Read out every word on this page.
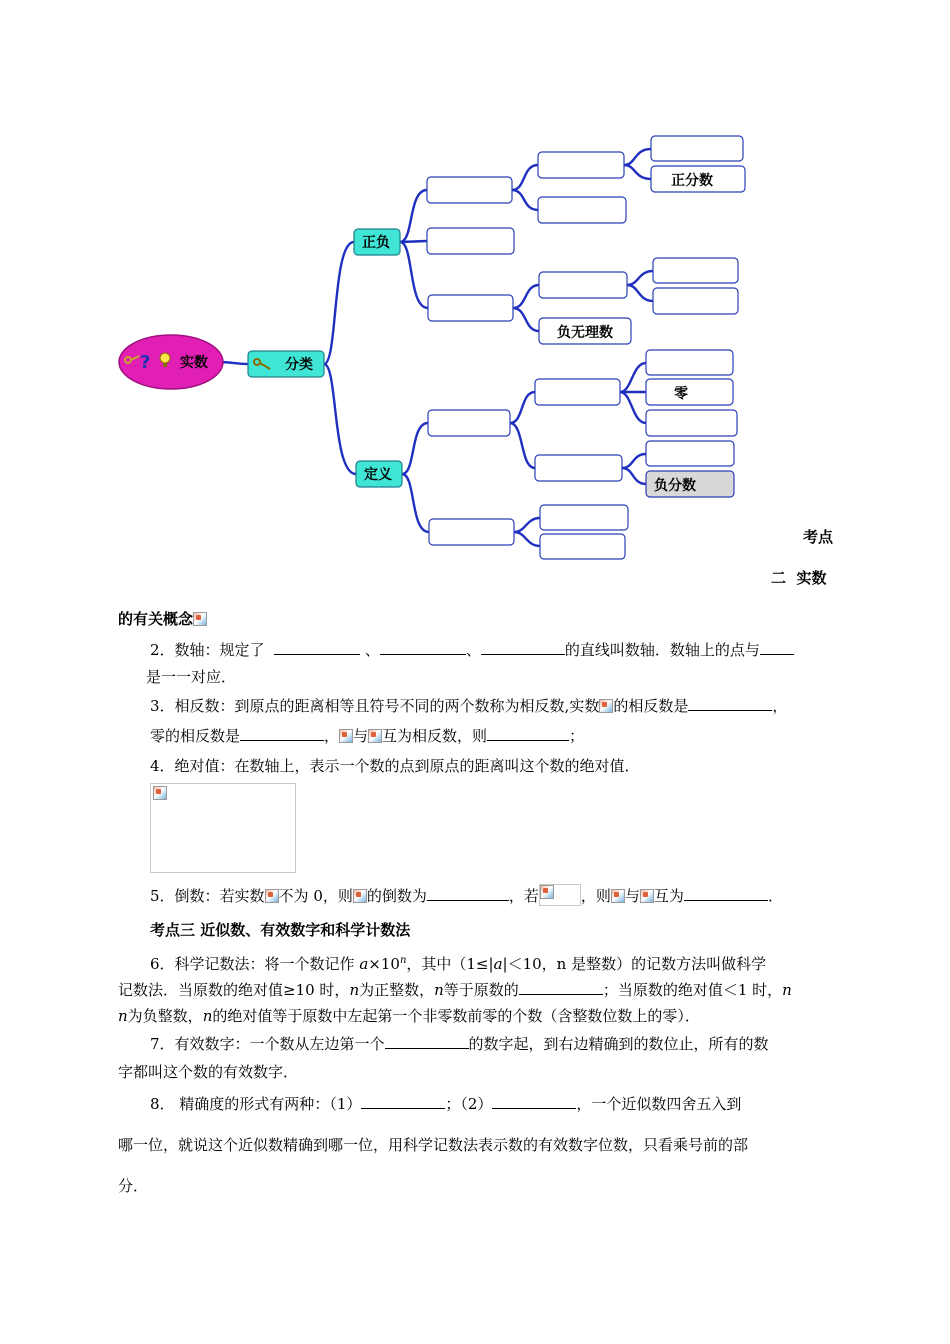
? 实数	分类
正负
定义
正分数
负无理数
零
负分数
考点
二 实数
的有关概念
2．数轴：规定了	、	、	的直线叫数轴．数轴上的点与
是一一对应．
3．相反数：到原点的距离相等且符号不同的两个数称为相反数,实数 的相反数是	，
零的相反数是	， 与 互为相反数，则	；
4．绝对值：在数轴上，表示一个数的点到原点的距离叫这个数的绝对值．
5．倒数：若实数 不为 0，则 的倒数为	，若	，则 与 互为	．
考点三 近似数、有效数字和科学计数法
6．科学记数法：将一个数记作 $a\times 10^n$，其中（1≤|a|＜10，n 是整数）的记数方法叫做科学
记数法．当原数的绝对值≥10 时，n为正整数，n等于原数的	；当原数的绝对值＜1 时，n
n为负整数，n的绝对值等于原数中左起第一个非零数前零的个数（含整数位数上的零）．
7．有效数字：一个数从左边第一个	的数字起，到右边精确到的数位止，所有的数
字都叫这个数的有效数字．
8． 精确度的形式有两种：（1）	；（2）	，一个近似数四舍五入到
哪一位，就说这个近似数精确到哪一位，用科学记数法表示数的有效数字位数，只看乘号前的部
分．
